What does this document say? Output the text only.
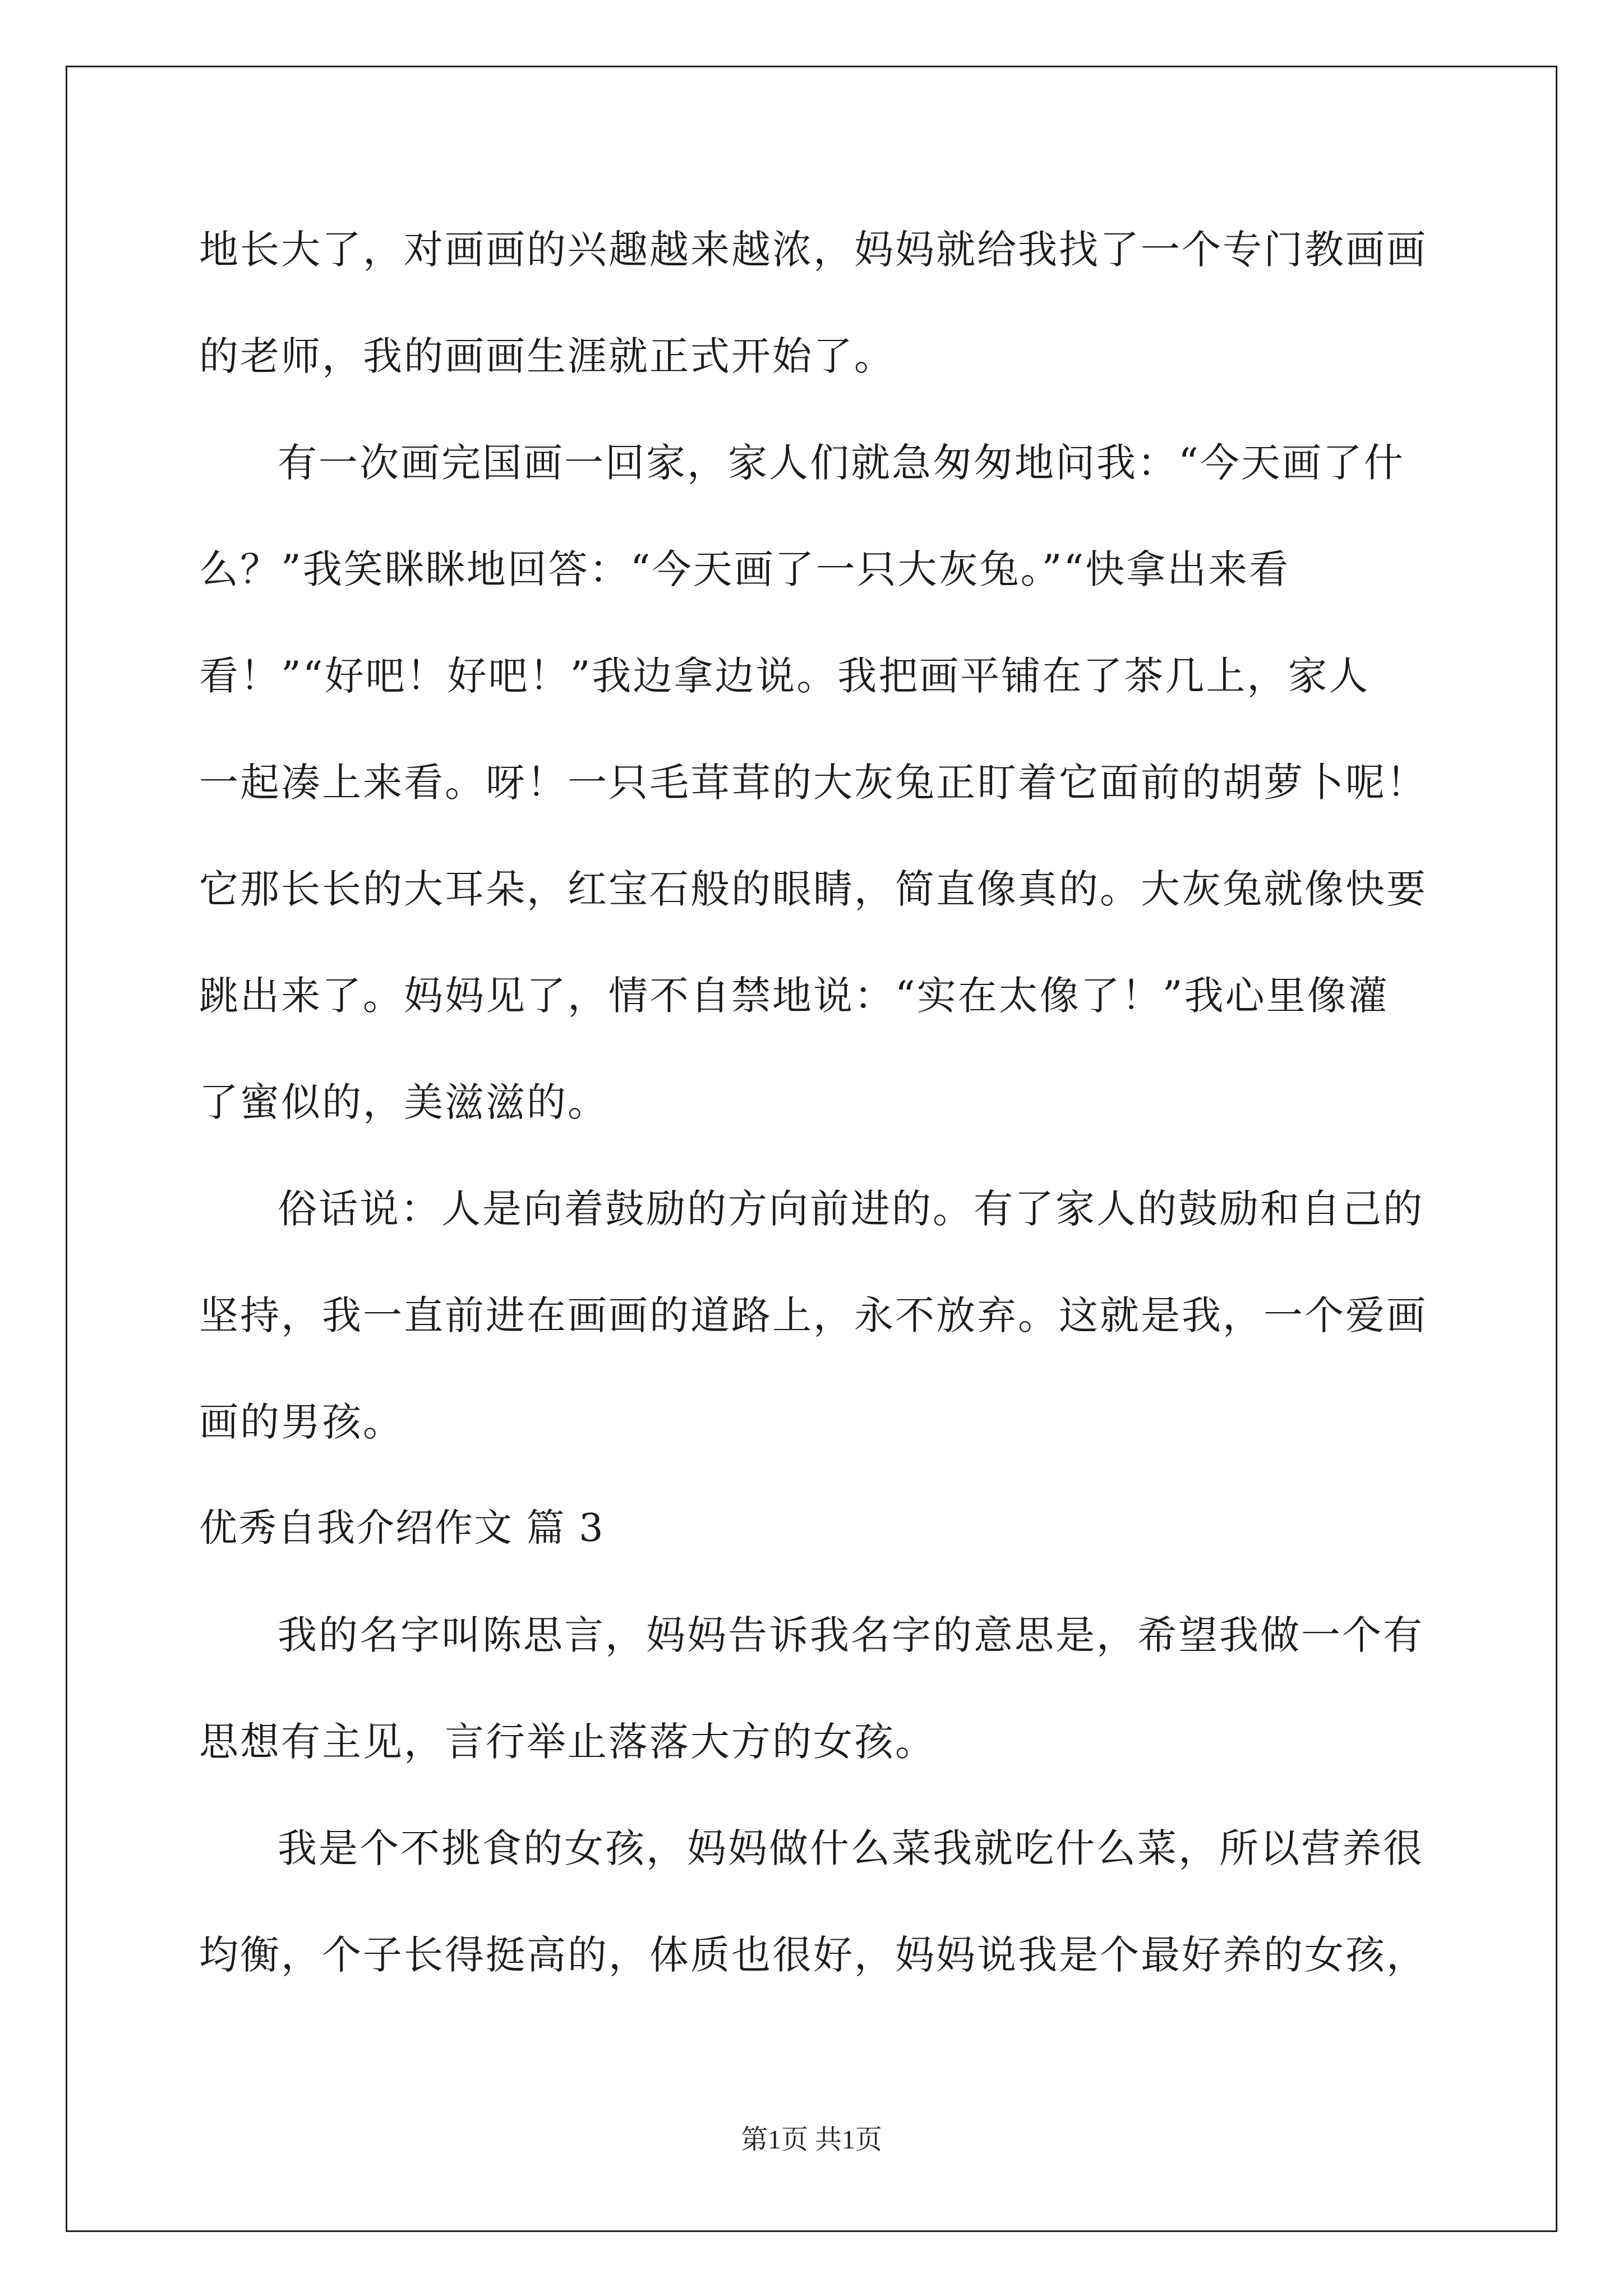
地长大了，对画画的兴趣越来越浓，妈妈就给我找了一个专门教画画
的老师，我的画画生涯就正式开始了。
有一次画完国画一回家，家人们就急匆匆地问我：“今天画了什
么？”我笑眯眯地回答：“今天画了一只大灰兔。”“快拿出来看
看！”“好吧！好吧！”我边拿边说。我把画平铺在了茶几上，家人
一起凑上来看。呀！一只毛茸茸的大灰兔正盯着它面前的胡萝卜呢！
它那长长的大耳朵，红宝石般的眼睛，简直像真的。大灰兔就像快要
跳出来了。妈妈见了，情不自禁地说：“实在太像了！”我心里像灌
了蜜似的，美滋滋的。
俗话说：人是向着鼓励的方向前进的。有了家人的鼓励和自己的
坚持，我一直前进在画画的道路上，永不放弃。这就是我，一个爱画
画的男孩。
优秀自我介绍作文 篇 3
我的名字叫陈思言，妈妈告诉我名字的意思是，希望我做一个有
思想有主见，言行举止落落大方的女孩。
我是个不挑食的女孩，妈妈做什么菜我就吃什么菜，所以营养很
均衡，个子长得挺高的，体质也很好，妈妈说我是个最好养的女孩，
第1页 共1页
